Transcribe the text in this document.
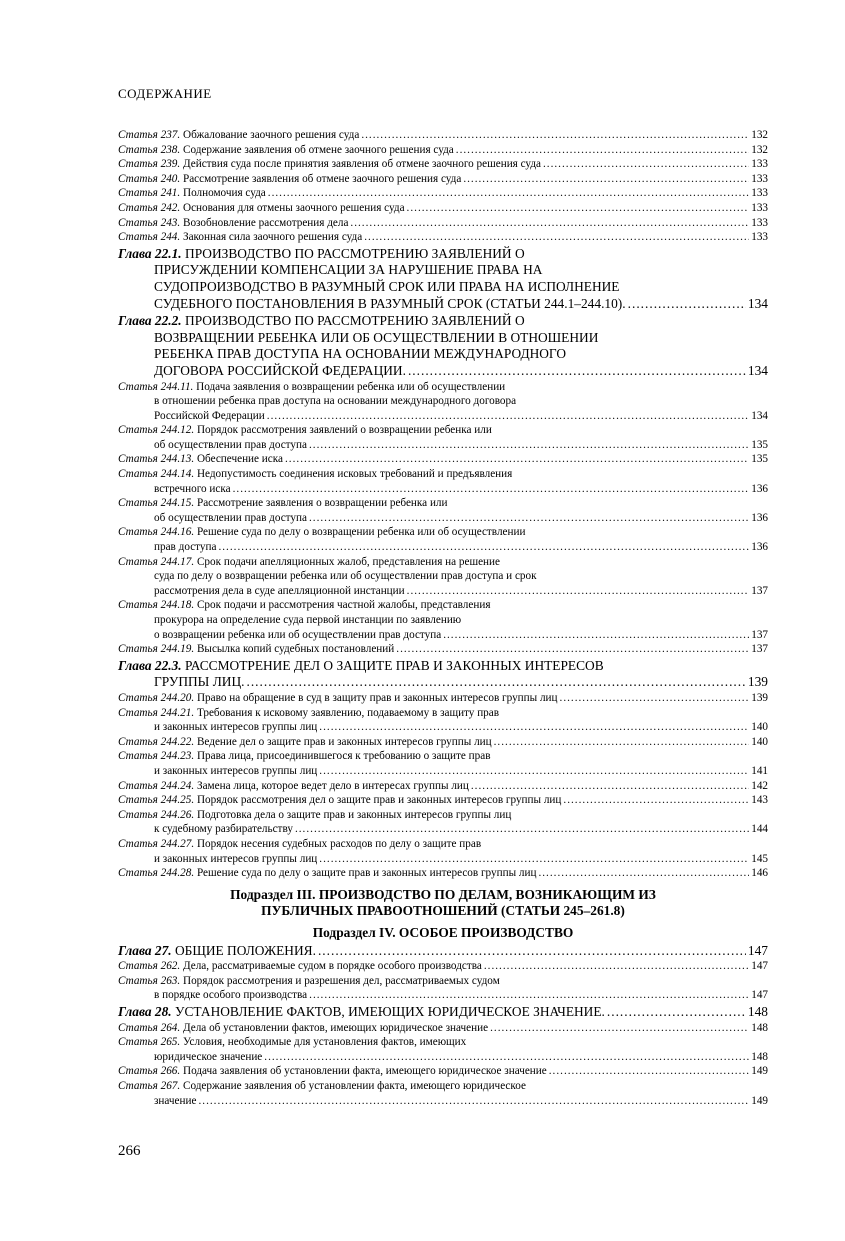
СОДЕРЖАНИЕ
Статья 237. Обжалование заочного решения суда .....	132
Статья 238. Содержание заявления об отмене заочного решения суда .....	132
Статья 239. Действия суда после принятия заявления об отмене заочного решения суда .....	133
Статья 240. Рассмотрение заявления об отмене заочного решения суда .....	133
Статья 241. Полномочия суда .....	133
Статья 242. Основания для отмены заочного решения суда .....	133
Статья 243. Возобновление рассмотрения дела .....	133
Статья 244. Законная сила заочного решения суда .....	133
Глава 22.1. ПРОИЗВОДСТВО ПО РАССМОТРЕНИЮ ЗАЯВЛЕНИЙ О
ПРИСУЖДЕНИИ КОМПЕНСАЦИИ ЗА НАРУШЕНИЕ ПРАВА НА
СУДОПРОИЗВОДСТВО В РАЗУМНЫЙ СРОК ИЛИ ПРАВА НА ИСПОЛНЕНИЕ
СУДЕБНОГО ПОСТАНОВЛЕНИЯ В РАЗУМНЫЙ СРОК (СТАТЬИ 244.1–244.10). .....	134
Глава 22.2. ПРОИЗВОДСТВО ПО РАССМОТРЕНИЮ ЗАЯВЛЕНИЙ О
ВОЗВРАЩЕНИИ РЕБЕНКА ИЛИ ОБ ОСУЩЕСТВЛЕНИИ В ОТНОШЕНИИ
РЕБЕНКА ПРАВ ДОСТУПА НА ОСНОВАНИИ МЕЖДУНАРОДНОГО
ДОГОВОРА РОССИЙСКОЙ ФЕДЕРАЦИИ. .....	134
Статья 244.11. Подача заявления о возвращении ребенка или об осуществлении
в отношении ребенка прав доступа на основании международного договора
Российской Федерации .....	134
Статья 244.12. Порядок рассмотрения заявлений о возвращении ребенка или
об осуществлении прав доступа .....	135
Статья 244.13. Обеспечение иска .....	135
Статья 244.14. Недопустимость соединения исковых требований и предъявления
встречного иска .....	136
Статья 244.15. Рассмотрение заявления о возвращении ребенка или
об осуществлении прав доступа .....	136
Статья 244.16. Решение суда по делу о возвращении ребенка или об осуществлении
прав доступа .....	136
Статья 244.17. Срок подачи апелляционных жалоб, представления на решение
суда по делу о возвращении ребенка или об осуществлении прав доступа и срок
рассмотрения дела в суде апелляционной инстанции .....	137
Статья 244.18. Срок подачи и рассмотрения частной жалобы, представления
прокурора на определение суда первой инстанции по заявлению
о возвращении ребенка или об осуществлении прав доступа .....	137
Статья 244.19. Высылка копий судебных постановлений .....	137
Глава 22.3. РАССМОТРЕНИЕ ДЕЛ О ЗАЩИТЕ ПРАВ И ЗАКОННЫХ ИНТЕРЕСОВ
ГРУППЫ ЛИЦ. .....	139
Статья 244.20. Право на обращение в суд в защиту прав и законных интересов группы лиц .....	139
Статья 244.21. Требования к исковому заявлению, подаваемому в защиту прав
и законных интересов группы лиц .....	140
Статья 244.22. Ведение дел о защите прав и законных интересов группы лиц .....	140
Статья 244.23. Права лица, присоединившегося к требованию о защите прав
и законных интересов группы лиц .....	141
Статья 244.24. Замена лица, которое ведет дело в интересах группы лиц .....	142
Статья 244.25. Порядок рассмотрения дел о защите прав и законных интересов группы лиц .....	143
Статья 244.26. Подготовка дела о защите прав и законных интересов группы лиц
к судебному разбирательству .....	144
Статья 244.27. Порядок несения судебных расходов по делу о защите прав
и законных интересов группы лиц .....	145
Статья 244.28. Решение суда по делу о защите прав и законных интересов группы лиц .....	146
Подраздел III. ПРОИЗВОДСТВО ПО ДЕЛАМ, ВОЗНИКАЮЩИМ ИЗ
ПУБЛИЧНЫХ ПРАВООТНОШЕНИЙ (СТАТЬИ 245–261.8)
Подраздел IV. ОСОБОЕ ПРОИЗВОДСТВО
Глава 27. ОБЩИЕ ПОЛОЖЕНИЯ. .....	147
Статья 262. Дела, рассматриваемые судом в порядке особого производства .....	147
Статья 263. Порядок рассмотрения и разрешения дел, рассматриваемых судом
в порядке особого производства .....	147
Глава 28. УСТАНОВЛЕНИЕ ФАКТОВ, ИМЕЮЩИХ ЮРИДИЧЕСКОЕ ЗНАЧЕНИЕ. .....	148
Статья 264. Дела об установлении фактов, имеющих юридическое значение .....	148
Статья 265. Условия, необходимые для установления фактов, имеющих
юридическое значение .....	148
Статья 266. Подача заявления об установлении факта, имеющего юридическое значение .....	149
Статья 267. Содержание заявления об установлении факта, имеющего юридическое
значение .....	149
266
